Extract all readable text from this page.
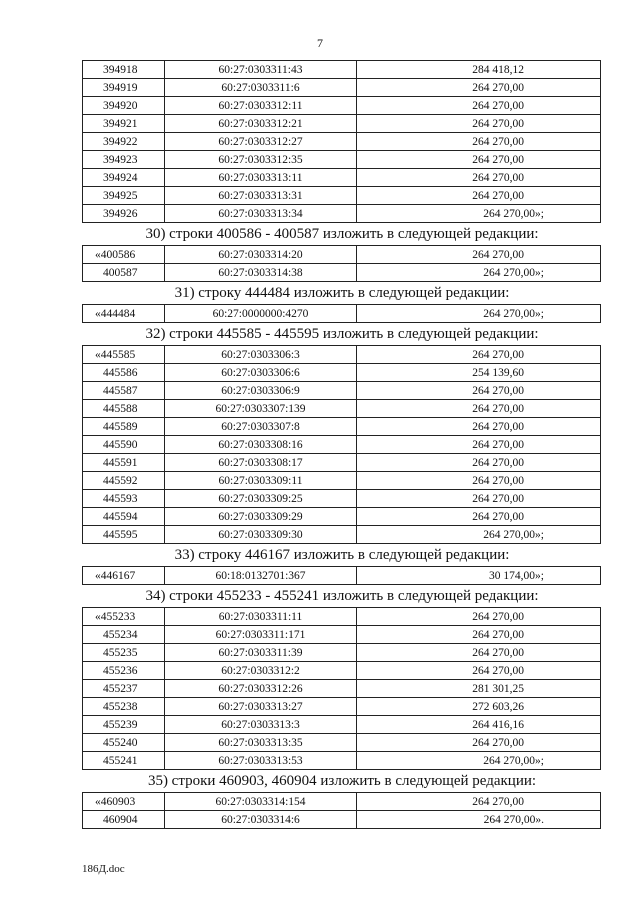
7
394918	60:27:0303311:43	284 418,12
394919	60:27:0303311:6	264 270,00
394920	60:27:0303312:11	264 270,00
394921	60:27:0303312:21	264 270,00
394922	60:27:0303312:27	264 270,00
394923	60:27:0303312:35	264 270,00
394924	60:27:0303313:11	264 270,00
394925	60:27:0303313:31	264 270,00
394926	60:27:0303313:34	264 270,00»;
30) строки 400586 - 400587 изложить в следующей редакции:
«400586	60:27:0303314:20	264 270,00
400587	60:27:0303314:38	264 270,00»;
31) строку 444484 изложить в следующей редакции:
«444484	60:27:0000000:4270	264 270,00»;
32) строки 445585 - 445595 изложить в следующей редакции:
«445585	60:27:0303306:3	264 270,00
445586	60:27:0303306:6	254 139,60
445587	60:27:0303306:9	264 270,00
445588	60:27:0303307:139	264 270,00
445589	60:27:0303307:8	264 270,00
445590	60:27:0303308:16	264 270,00
445591	60:27:0303308:17	264 270,00
445592	60:27:0303309:11	264 270,00
445593	60:27:0303309:25	264 270,00
445594	60:27:0303309:29	264 270,00
445595	60:27:0303309:30	264 270,00»;
33) строку 446167 изложить в следующей редакции:
«446167	60:18:0132701:367	30 174,00»;
34) строки 455233 - 455241 изложить в следующей редакции:
«455233	60:27:0303311:11	264 270,00
455234	60:27:0303311:171	264 270,00
455235	60:27:0303311:39	264 270,00
455236	60:27:0303312:2	264 270,00
455237	60:27:0303312:26	281 301,25
455238	60:27:0303313:27	272 603,26
455239	60:27:0303313:3	264 416,16
455240	60:27:0303313:35	264 270,00
455241	60:27:0303313:53	264 270,00»;
35) строки 460903, 460904 изложить в следующей редакции:
«460903	60:27:0303314:154	264 270,00
460904	60:27:0303314:6	264 270,00».
186Д.doc
